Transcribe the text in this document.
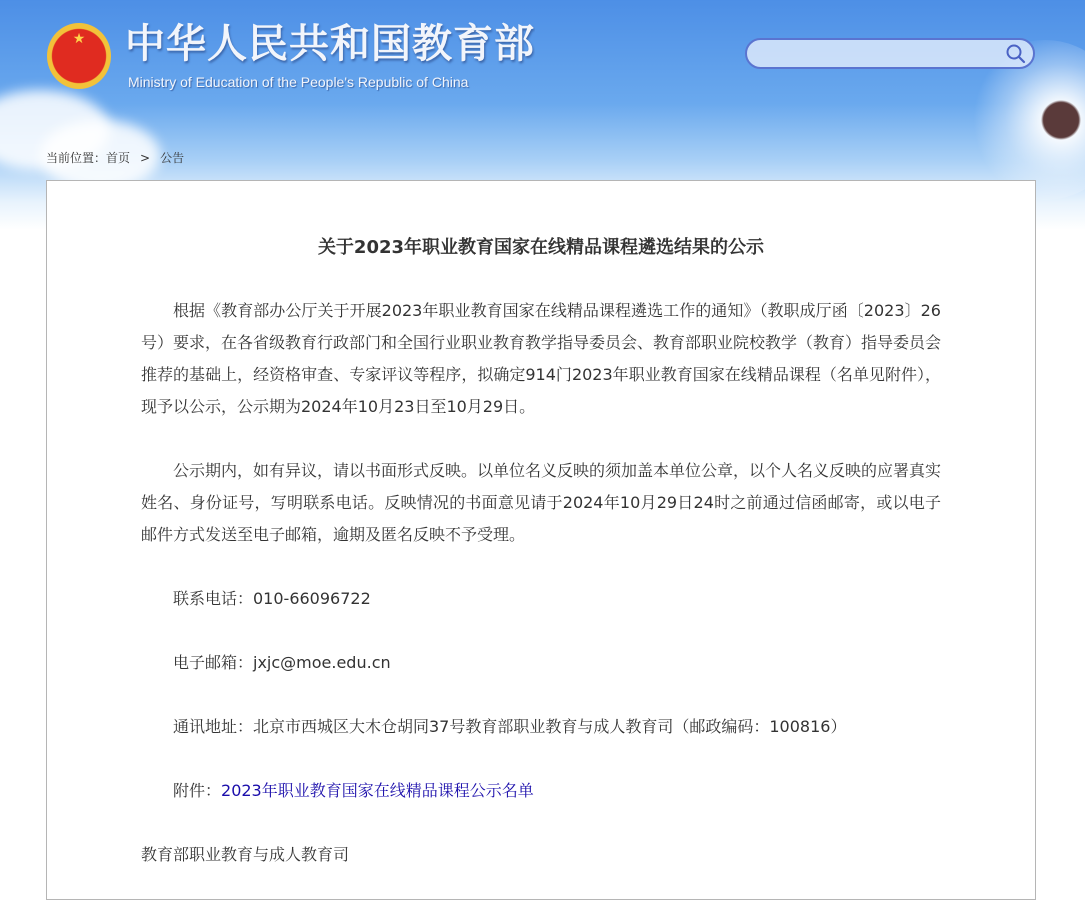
★ 中华人民共和国教育部
Ministry of Education of the People's Republic of China
当前位置：首页 > 公告
关于2023年职业教育国家在线精品课程遴选结果的公示

根据《教育部办公厅关于开展2023年职业教育国家在线精品课程遴选工作的通知》（教职成厅函〔2023〕26号）要求，在各省级教育行政部门和全国行业职业教育教学指导委员会、教育部职业院校教学（教育）指导委员会推荐的基础上，经资格审查、专家评议等程序，拟确定914门2023年职业教育国家在线精品课程（名单见附件），现予以公示，公示期为2024年10月23日至10月29日。

公示期内，如有异议，请以书面形式反映。以单位名义反映的须加盖本单位公章，以个人名义反映的应署真实姓名、身份证号，写明联系电话。反映情况的书面意见请于2024年10月29日24时之前通过信函邮寄，或以电子邮件方式发送至电子邮箱，逾期及匿名反映不予受理。

联系电话：010-66096722

电子邮箱：jxjc@moe.edu.cn

通讯地址：北京市西城区大木仓胡同37号教育部职业教育与成人教育司（邮政编码：100816）

附件：2023年职业教育国家在线精品课程公示名单

教育部职业教育与成人教育司
